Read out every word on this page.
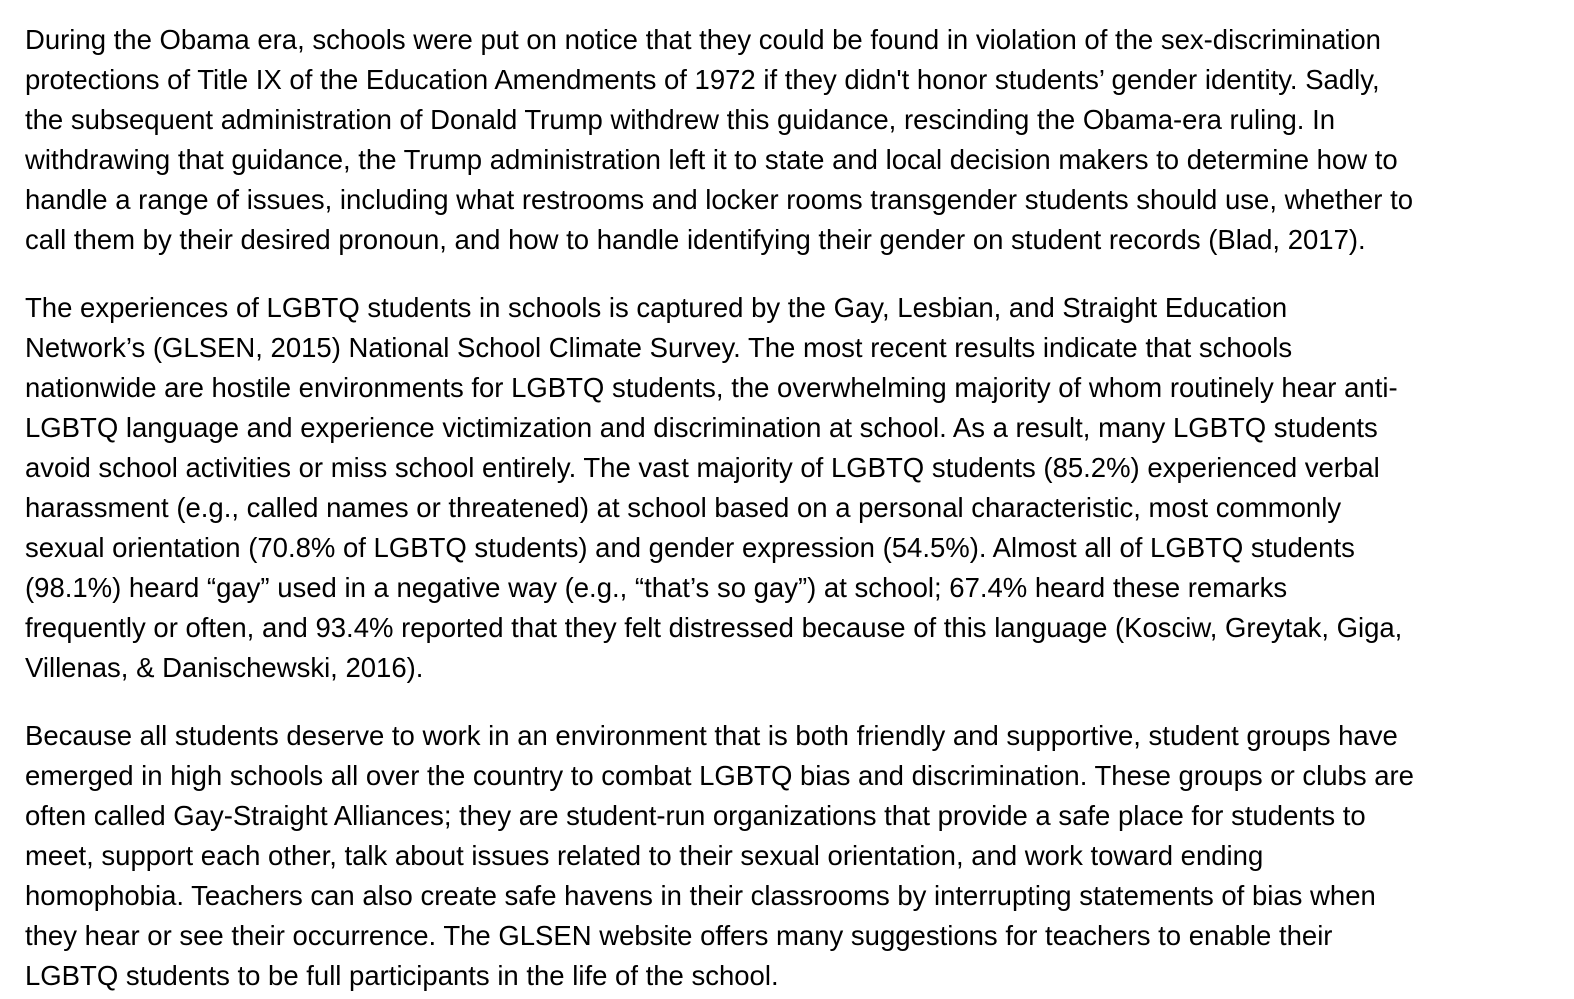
During the Obama era, schools were put on notice that they could be found in violation of the sex-discrimination
protections of Title IX of the Education Amendments of 1972 if they didn't honor students’ gender identity. Sadly,
the subsequent administration of Donald Trump withdrew this guidance, rescinding the Obama-era ruling. In
withdrawing that guidance, the Trump administration left it to state and local decision makers to determine how to
handle a range of issues, including what restrooms and locker rooms transgender students should use, whether to
call them by their desired pronoun, and how to handle identifying their gender on student records (Blad, 2017).

The experiences of LGBTQ students in schools is captured by the Gay, Lesbian, and Straight Education
Network’s (GLSEN, 2015) National School Climate Survey. The most recent results indicate that schools
nationwide are hostile environments for LGBTQ students, the overwhelming majority of whom routinely hear anti-
LGBTQ language and experience victimization and discrimination at school. As a result, many LGBTQ students
avoid school activities or miss school entirely. The vast majority of LGBTQ students (85.2%) experienced verbal
harassment (e.g., called names or threatened) at school based on a personal characteristic, most commonly
sexual orientation (70.8% of LGBTQ students) and gender expression (54.5%). Almost all of LGBTQ students
(98.1%) heard “gay” used in a negative way (e.g., “that’s so gay”) at school; 67.4% heard these remarks
frequently or often, and 93.4% reported that they felt distressed because of this language (Kosciw, Greytak, Giga,
Villenas, & Danischewski, 2016).

Because all students deserve to work in an environment that is both friendly and supportive, student groups have
emerged in high schools all over the country to combat LGBTQ bias and discrimination. These groups or clubs are
often called Gay-Straight Alliances; they are student-run organizations that provide a safe place for students to
meet, support each other, talk about issues related to their sexual orientation, and work toward ending
homophobia. Teachers can also create safe havens in their classrooms by interrupting statements of bias when
they hear or see their occurrence. The GLSEN website offers many suggestions for teachers to enable their
LGBTQ students to be full participants in the life of the school.
